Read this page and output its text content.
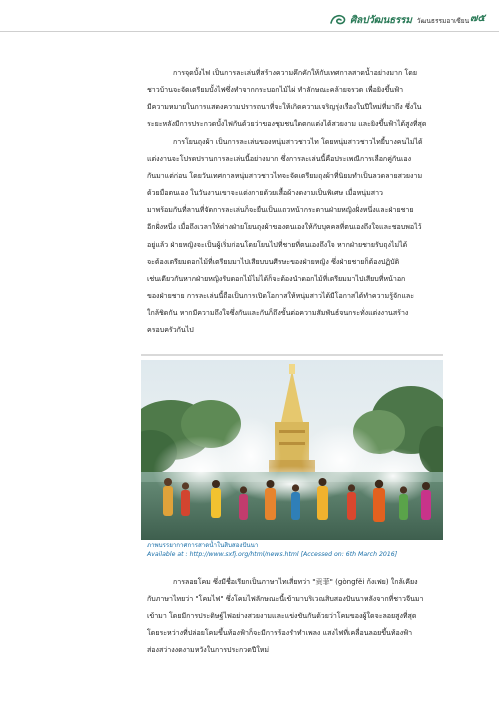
ศิลปวัฒนธรรม วัฒนธรรมอาเซียน ๗๕

การจุดบั้งไฟ เป็นการละเล่นที่สร้างความคึกคักให้กับเทศกาลสาดน้ำอย่างมาก โดย

ชาวบ้านจะจัดเตรียมบั้งไฟซึ่งทำจากกระบอกไม้ไผ่ ทำลักษณะคล้ายจรวด เพื่อยิงขึ้นฟ้า

มีความหมายในการแสดงความปรารถนาที่จะให้เกิดความเจริญรุ่งเรืองในปีใหม่ที่มาถึง ซึ่งใน

ระยะหลังมีการประกวดบั้งไฟกันด้วยว่าของชุมชนใดตกแต่งได้สวยงาม และยิงขึ้นฟ้าได้สูงที่สุด

การโยนถุงผ้า เป็นการละเล่นของหนุ่มสาวชาวไท โดยหนุ่มสาวชาวไทยี้บางคนไม่ได้

แต่งงานจะโปรดปรานการละเล่นนี้อย่างมาก ซึ่งการละเล่นนี้คือประเพณีการเลือกคู่กันเอง

กันมาแต่ก่อน โดยวันเทศกาลหนุ่มสาวชาวไทจะจัดเตรียมถุงผ้าที่นิยมทำเป็นลวดลายสวยงาม

ด้วยมือตนเอง ในวันงานเขาจะแต่งกายด้วยเสื้อผ้างดงามเป็นพิเศษ เมื่อหนุ่มสาว

มาพร้อมกันที่ลานที่จัดการละเล่นก็จะยืนเป็นแถวหน้ากระดานฝ่ายหญิงฝั่งหนึ่งและฝ่ายชาย

อีกฝั่งหนึ่ง เมื่อถึงเวลาให้ต่างฝ่ายโยนถุงผ้าของตนเองให้กับบุคคลที่ตนเองถึงใจและชอบพอไว้

อยู่แล้ว ฝ่ายหญิงจะเป็นผู้เริ่มก่อนโดยโยนไปที่ชายที่ตนเองถึงใจ หากฝ่ายชายรับถุงไม่ได้

จะต้องเตรียมดอกไม้ที่เตรียมมาไปเสียบบนศีรษะของฝ่ายหญิง ซึ่งฝ่ายชายก็ต้องปฏิบัติ

เช่นเดียวกันหากฝ่ายหญิงรับดอกไม้ไม่ได้ก็จะต้องนำดอกไม้ที่เตรียมมาไปเสียบที่หน้าอก

ของฝ่ายชาย การละเล่นนี้ถือเป็นการเปิดโอกาสให้หนุ่มสาวได้มีโอกาสได้ทำความรู้จักและ

ใกล้ชิดกัน หากมีความถึงใจซึ่งกันและกันก็ถึงขั้นต่อความสัมพันธ์จนกระทั่งแต่งงานสร้าง

ครอบครัวกันไป

ภาพบรรยากาศการสาดน้ำในสิบสองปันนา
Available at : http://www.sxfj.org/html/news.html [Accessed on: 6th March 2016]

การลอยโคม ซึ่งมีชื่อเรียกเป็นภาษาไทเสี่ยทว่า "贡菲" (gòngfěi ก้งเฟย) ใกล้เคียง

กับภาษาไทยว่า "โคมไฟ" ซึ่งโคมไฟลักษณะนี้เข้ามาบริเวณสิบสองปันนาหลังจากที่ชาวจีนมา

เข้ามา โดยมีการประดิษฐ์ไฟอย่างสวยงามและแข่งขันกันด้วยว่าโคมของผู้ใดจะลอยสูงที่สุด

โดยระหว่างที่ปล่อยโคมขึ้นท้องฟ้าก็จะมีการร้องรำทำเพลง แสงไฟที่เคลื่อนลอยขึ้นท้องฟ้า

ส่องสว่างงดงามหวังในการประกวดปีใหม่
